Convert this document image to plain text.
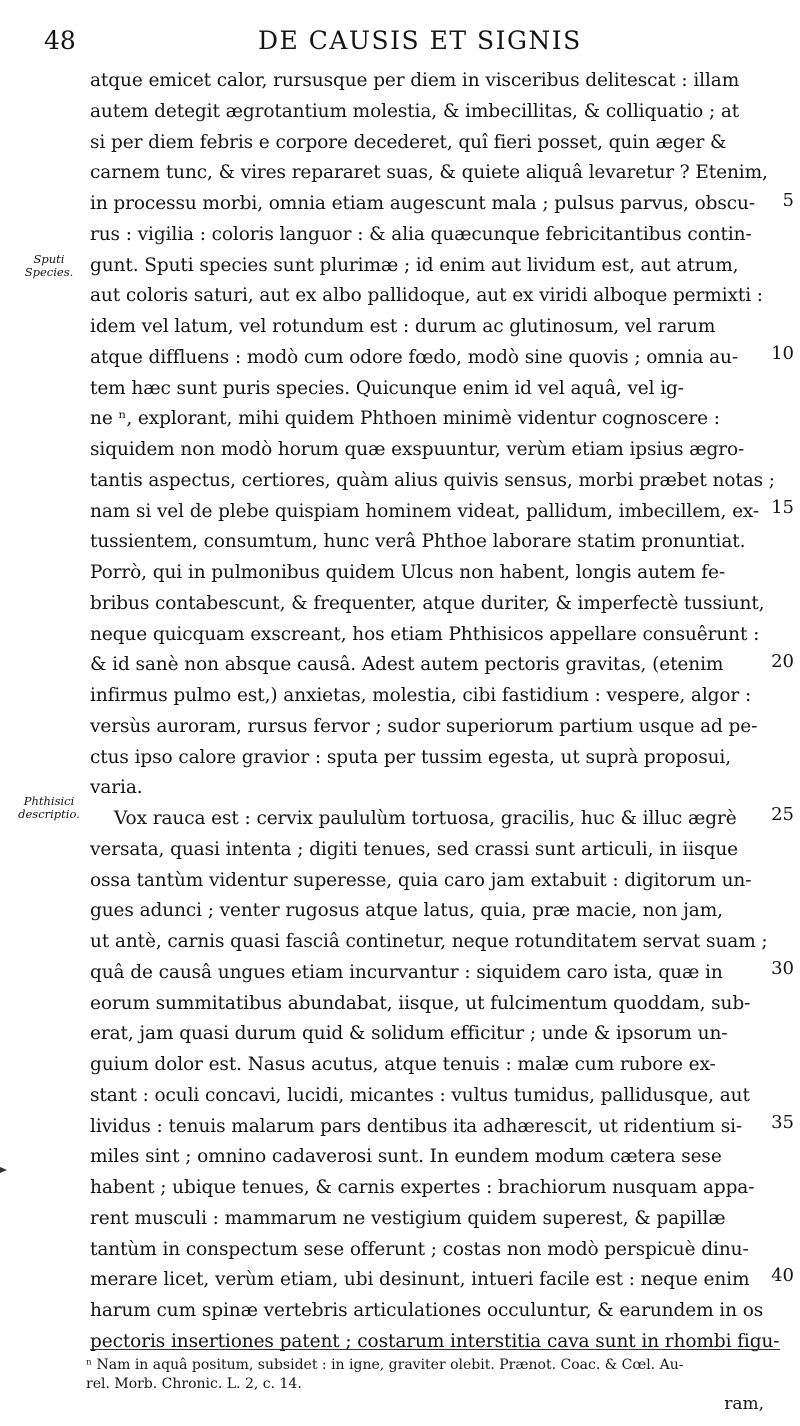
48	DE CAUSIS ET SIGNIS
Sputi Species.
Phthisici descriptio.
atque emicet calor, rursusque per diem in visceribus delitescat : illam
autem detegit ægrotantium molestia, & imbecillitas, & colliquatio ; at
si per diem febris e corpore decederet, quî fieri posset, quin æger &
carnem tunc, & vires repararet suas, & quiete aliquâ levaretur ? Etenim,
in processu morbi, omnia etiam augescunt mala ; pulsus parvus, obscu-
rus : vigilia : coloris languor : & alia quæcunque febricitantibus contin-
gunt. Sputi species sunt plurimæ ; id enim aut lividum est, aut atrum,
aut coloris saturi, aut ex albo pallidoque, aut ex viridi alboque permixti :
idem vel latum, vel rotundum est : durum ac glutinosum, vel rarum
atque diffluens : modò cum odore fœdo, modò sine quovis ; omnia au-
tem hæc sunt puris species. Quicunque enim id vel aquâ, vel ig-
ne ⁿ, explorant, mihi quidem Phthoen minimè videntur cognoscere :
siquidem non modò horum quæ exspuuntur, verùm etiam ipsius ægro-
tantis aspectus, certiores, quàm alius quivis sensus, morbi præbet notas ;
nam si vel de plebe quispiam hominem videat, pallidum, imbecillem, ex-
tussientem, consumtum, hunc verâ Phthoe laborare statim pronuntiat.
Porrò, qui in pulmonibus quidem Ulcus non habent, longis autem fe-
bribus contabescunt, & frequenter, atque duriter, & imperfectè tussiunt,
neque quicquam exscreant, hos etiam Phthisicos appellare consuêrunt :
& id sanè non absque causâ. Adest autem pectoris gravitas, (etenim
infirmus pulmo est,) anxietas, molestia, cibi fastidium : vespere, algor :
versùs auroram, rursus fervor ; sudor superiorum partium usque ad pe-
ctus ipso calore gravior : sputa per tussim egesta, ut suprà proposui,
varia.
Vox rauca est : cervix paululùm tortuosa, gracilis, huc & illuc ægrè
versata, quasi intenta ; digiti tenues, sed crassi sunt articuli, in iisque
ossa tantùm videntur superesse, quia caro jam extabuit : digitorum un-
gues adunci ; venter rugosus atque latus, quia, præ macie, non jam,
ut antè, carnis quasi fasciâ continetur, neque rotunditatem servat suam ;
quâ de causâ ungues etiam incurvantur : siquidem caro ista, quæ in
eorum summitatibus abundabat, iisque, ut fulcimentum quoddam, sub-
erat, jam quasi durum quid & solidum efficitur ; unde & ipsorum un-
guium dolor est. Nasus acutus, atque tenuis : malæ cum rubore ex-
stant : oculi concavi, lucidi, micantes : vultus tumidus, pallidusque, aut
lividus : tenuis malarum pars dentibus ita adhærescit, ut ridentium si-
miles sint ; omnino cadaverosi sunt. In eundem modum cætera sese
habent ; ubique tenues, & carnis expertes : brachiorum nusquam appa-
rent musculi : mammarum ne vestigium quidem superest, & papillæ
tantùm in conspectum sese offerunt ; costas non modò perspicuè dinu-
merare licet, verùm etiam, ubi desinunt, intueri facile est : neque enim
harum cum spinæ vertebris articulationes occuluntur, & earundem in os
pectoris insertiones patent ; costarum interstitia cava sunt in rhombi figu-
5
10
15
20
25
30
35
40
ⁿ Nam in aquâ positum, subsidet : in igne, graviter olebit. Prænot. Coac. & Cœl. Au-
rel. Morb. Chronic. L. 2, c. 14.
ram,
